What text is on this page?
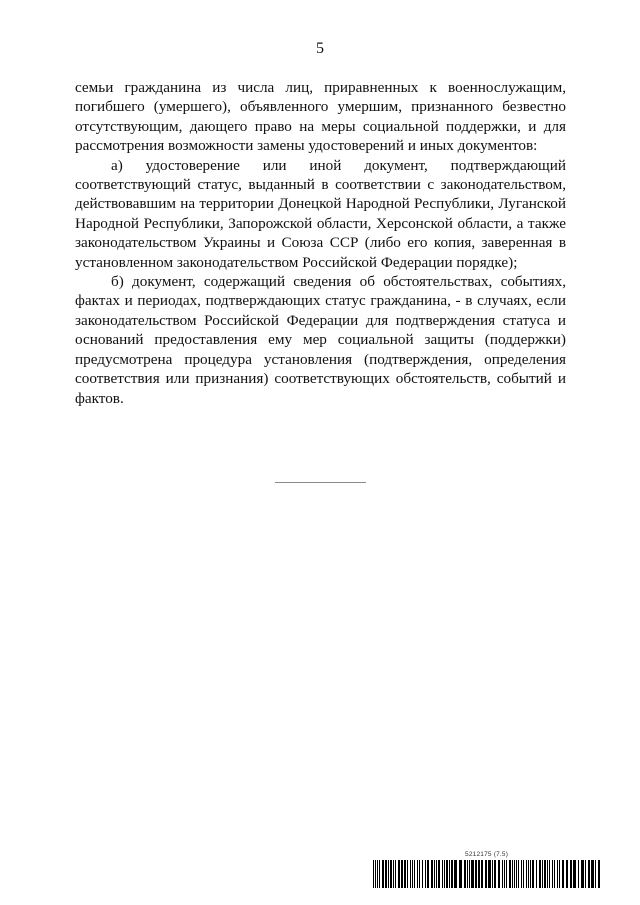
5

семьи гражданина из числа лиц, приравненных к военнослужащим, погибшего (умершего), объявленного умершим, признанного безвестно отсутствующим, дающего право на меры социальной поддержки, и для рассмотрения возможности замены удостоверений и иных документов:

а) удостоверение или иной документ, подтверждающий соответствующий статус, выданный в соответствии с законодательством, действовавшим на территории Донецкой Народной Республики, Луганской Народной Республики, Запорожской области, Херсонской области, а также законодательством Украины и Союза ССР (либо его копия, заверенная в установленном законодательством Российской Федерации порядке);

б) документ, содержащий сведения об обстоятельствах, событиях, фактах и периодах, подтверждающих статус гражданина, - в случаях, если законодательством Российской Федерации для подтверждения статуса и оснований предоставления ему мер социальной защиты (поддержки) предусмотрена процедура установления (подтверждения, определения соответствия или признания) соответствующих обстоятельств, событий и фактов.

5212175 (7.5)
